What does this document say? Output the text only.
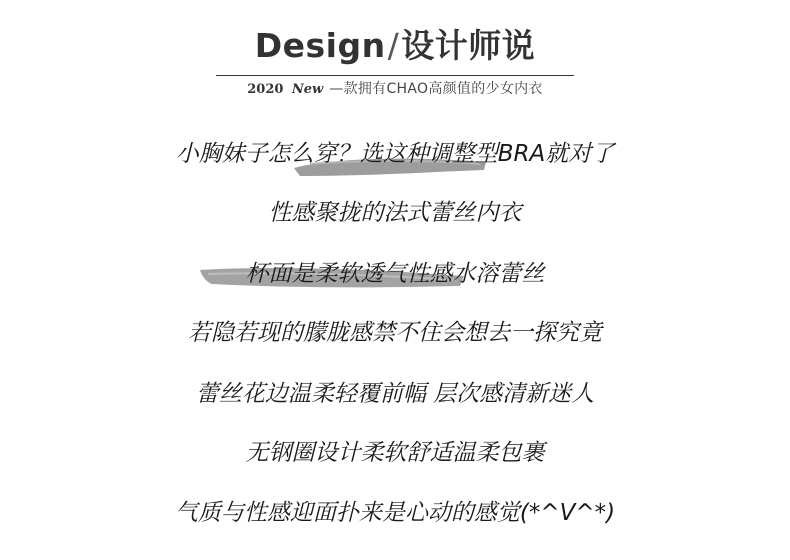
Design/设计师说
2020 New —款拥有CHAO高颜值的少女内衣
小胸妹子怎么穿？选这种调整型BRA就对了
性感聚拢的法式蕾丝内衣
杯面是柔软透气性感水溶蕾丝
若隐若现的朦胧感禁不住会想去一探究竟
蕾丝花边温柔轻覆前幅 层次感清新迷人
无钢圈设计柔软舒适温柔包裹
气质与性感迎面扑来是心动的感觉(*^V^*)
